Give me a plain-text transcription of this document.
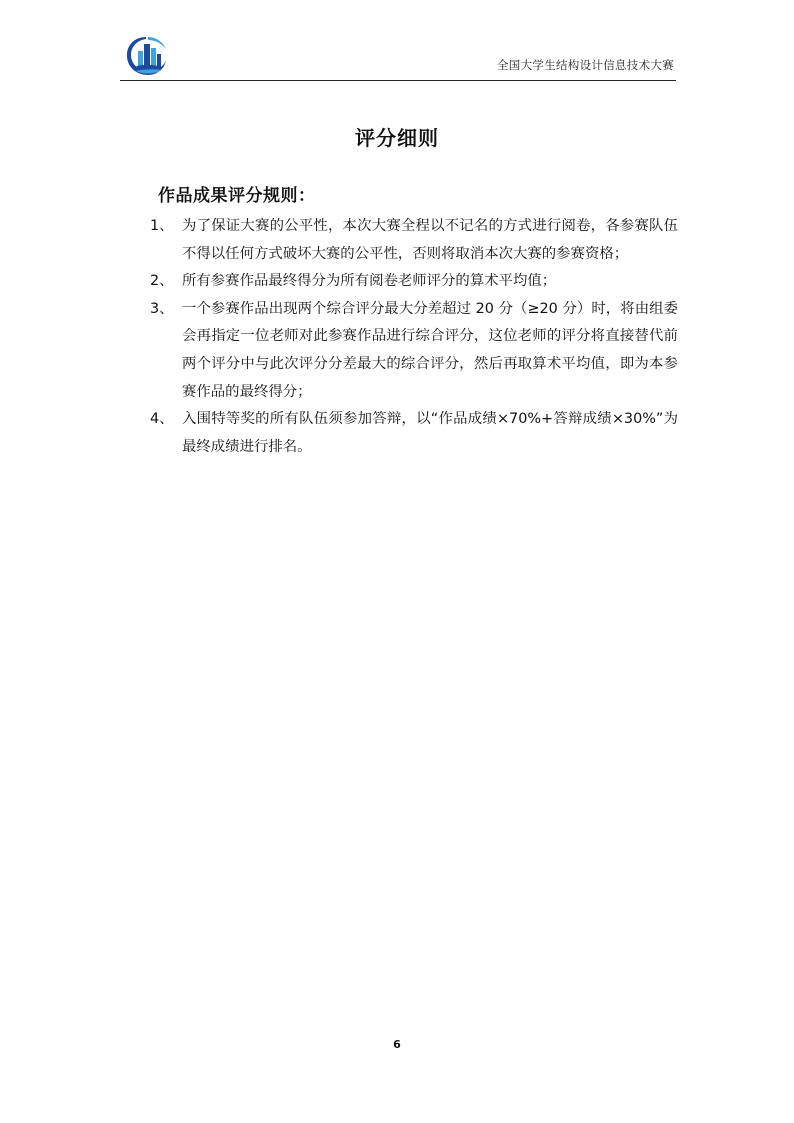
全国大学生结构设计信息技术大赛
评分细则
作品成果评分规则：
1、 为了保证大赛的公平性，本次大赛全程以不记名的方式进行阅卷，各参赛队伍不得以任何方式破坏大赛的公平性，否则将取消本次大赛的参赛资格；
2、 所有参赛作品最终得分为所有阅卷老师评分的算术平均值；
3、 一个参赛作品出现两个综合评分最大分差超过 20 分（≥20 分）时，将由组委会再指定一位老师对此参赛作品进行综合评分，这位老师的评分将直接替代前两个评分中与此次评分分差最大的综合评分，然后再取算术平均值，即为本参赛作品的最终得分；
4、 入围特等奖的所有队伍须参加答辩，以“作品成绩×70%+答辩成绩×30%”为最终成绩进行排名。
6
